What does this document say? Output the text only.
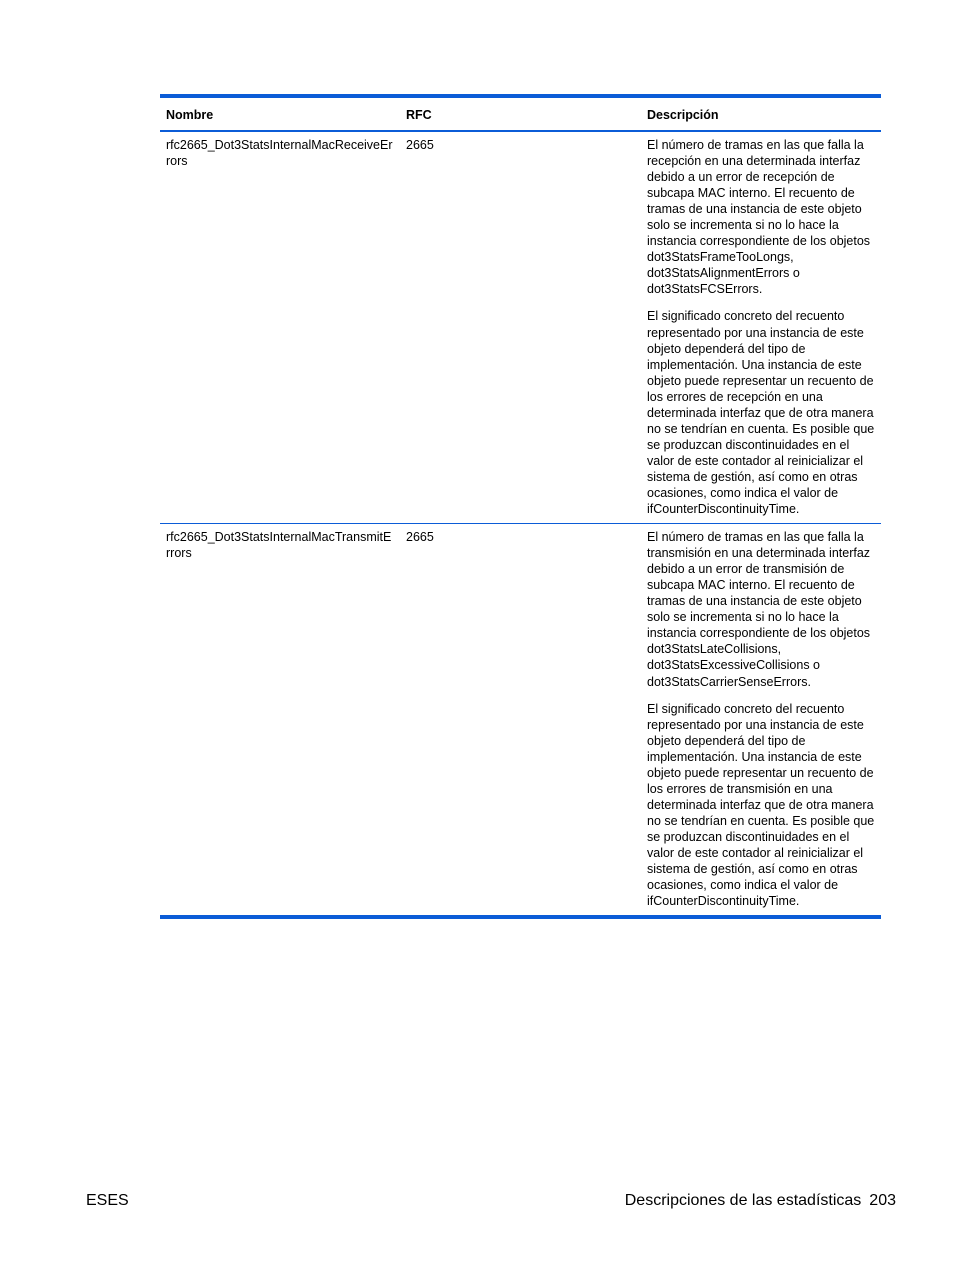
Nombre	RFC	Descripción
rfc2665_Dot3StatsInternalMacReceiveErrors	2665	El número de tramas en las que falla la recepción en una determinada interfaz debido a un error de recepción de subcapa MAC interno. El recuento de tramas de una instancia de este objeto solo se incrementa si no lo hace la instancia correspondiente de los objetos dot3StatsFrameTooLongs, dot3StatsAlignmentErrors o dot3StatsFCSErrors.

El significado concreto del recuento representado por una instancia de este objeto dependerá del tipo de implementación. Una instancia de este objeto puede representar un recuento de los errores de recepción en una determinada interfaz que de otra manera no se tendrían en cuenta. Es posible que se produzcan discontinuidades en el valor de este contador al reinicializar el sistema de gestión, así como en otras ocasiones, como indica el valor de ifCounterDiscontinuityTime.

rfc2665_Dot3StatsInternalMacTransmitErrors	2665	El número de tramas en las que falla la transmisión en una determinada interfaz debido a un error de transmisión de subcapa MAC interno. El recuento de tramas de una instancia de este objeto solo se incrementa si no lo hace la instancia correspondiente de los objetos dot3StatsLateCollisions, dot3StatsExcessiveCollisions o dot3StatsCarrierSenseErrors.

El significado concreto del recuento representado por una instancia de este objeto dependerá del tipo de implementación. Una instancia de este objeto puede representar un recuento de los errores de transmisión en una determinada interfaz que de otra manera no se tendrían en cuenta. Es posible que se produzcan discontinuidades en el valor de este contador al reinicializar el sistema de gestión, así como en otras ocasiones, como indica el valor de ifCounterDiscontinuityTime.

ESES	Descripciones de las estadísticas 203
